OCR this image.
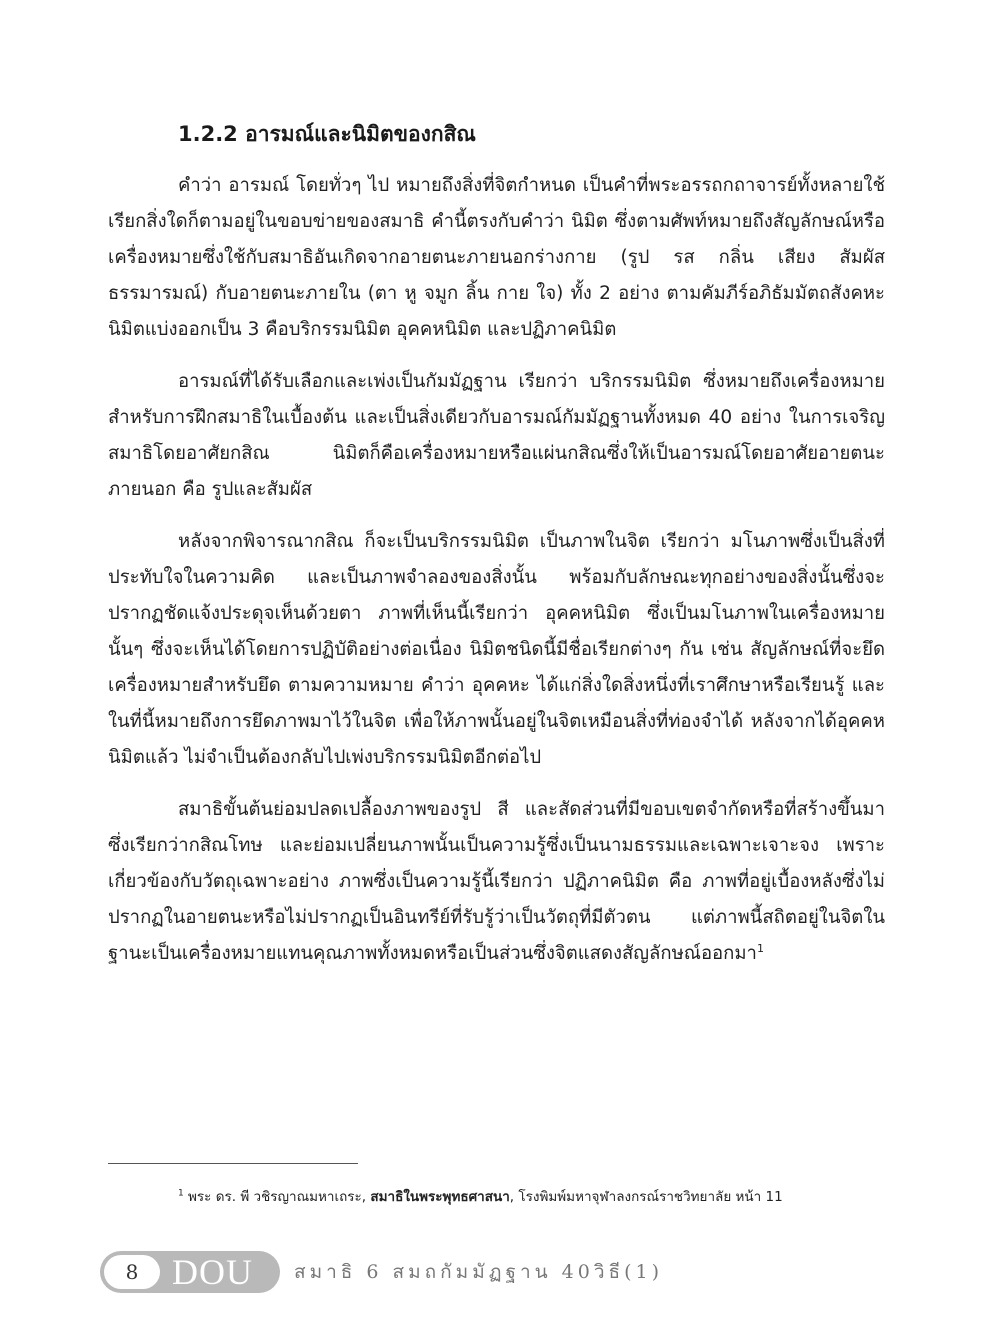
1.2.2 อารมณ์และนิมิตของกสิณ

คำว่า อารมณ์ โดยทั่วๆ ไป หมายถึงสิ่งที่จิตกำหนด เป็นคำที่พระอรรถกถาจารย์ทั้งหลายใช้เรียกสิ่งใดก็ตามอยู่ในขอบข่ายของสมาธิ คำนี้ตรงกับคำว่า นิมิต ซึ่งตามศัพท์หมายถึงสัญลักษณ์หรือเครื่องหมายซึ่งใช้กับสมาธิอันเกิดจากอายตนะภายนอกร่างกาย (รูป รส กลิ่น เสียง สัมผัส ธรรมารมณ์) กับอายตนะภายใน (ตา หู จมูก ลิ้น กาย ใจ) ทั้ง 2 อย่าง ตามคัมภีร์อภิธัมมัตถสังคหะ นิมิตแบ่งออกเป็น 3 คือบริกรรมนิมิต อุคคหนิมิต และปฏิภาคนิมิต

อารมณ์ที่ได้รับเลือกและเพ่งเป็นกัมมัฏฐาน เรียกว่า บริกรรมนิมิต ซึ่งหมายถึงเครื่องหมายสำหรับการฝึกสมาธิในเบื้องต้น และเป็นสิ่งเดียวกับอารมณ์กัมมัฏฐานทั้งหมด 40 อย่าง ในการเจริญสมาธิโดยอาศัยกสิณ นิมิตก็คือเครื่องหมายหรือแผ่นกสิณซึ่งให้เป็นอารมณ์โดยอาศัยอายตนะภายนอก คือ รูปและสัมผัส

หลังจากพิจารณากสิณ ก็จะเป็นบริกรรมนิมิต เป็นภาพในจิต เรียกว่า มโนภาพซึ่งเป็นสิ่งที่ประทับใจในความคิด และเป็นภาพจำลองของสิ่งนั้น พร้อมกับลักษณะทุกอย่างของสิ่งนั้นซึ่งจะปรากฏชัดแจ้งประดุจเห็นด้วยตา ภาพที่เห็นนี้เรียกว่า อุคคหนิมิต ซึ่งเป็นมโนภาพในเครื่องหมายนั้นๆ ซึ่งจะเห็นได้โดยการปฏิบัติอย่างต่อเนื่อง นิมิตชนิดนี้มีชื่อเรียกต่างๆ กัน เช่น สัญลักษณ์ที่จะยึด เครื่องหมายสำหรับยึด ตามความหมาย คำว่า อุคคหะ ได้แก่สิ่งใดสิ่งหนึ่งที่เราศึกษาหรือเรียนรู้ และในที่นี้หมายถึงการยึดภาพมาไว้ในจิต เพื่อให้ภาพนั้นอยู่ในจิตเหมือนสิ่งที่ท่องจำได้ หลังจากได้อุคคหนิมิตแล้ว ไม่จำเป็นต้องกลับไปเพ่งบริกรรมนิมิตอีกต่อไป

สมาธิขั้นต้นย่อมปลดเปลื้องภาพของรูป สี และสัดส่วนที่มีขอบเขตจำกัดหรือที่สร้างขึ้นมา ซึ่งเรียกว่ากสิณโทษ และย่อมเปลี่ยนภาพนั้นเป็นความรู้ซึ่งเป็นนามธรรมและเฉพาะเจาะจง เพราะเกี่ยวข้องกับวัตถุเฉพาะอย่าง ภาพซึ่งเป็นความรู้นี้เรียกว่า ปฏิภาคนิมิต คือ ภาพที่อยู่เบื้องหลังซึ่งไม่ปรากฏในอายตนะหรือไม่ปรากฏเป็นอินทรีย์ที่รับรู้ว่าเป็นวัตถุที่มีตัวตน แต่ภาพนี้สถิตอยู่ในจิตในฐานะเป็นเครื่องหมายแทนคุณภาพทั้งหมดหรือเป็นส่วนซึ่งจิตแสดงสัญลักษณ์ออกมา$^1$

$^1$ พระ ดร. พี วชิรญาณมหาเถระ, สมาธิในพระพุทธศาสนา, โรงพิมพ์มหาจุฬาลงกรณ์ราชวิทยาลัย หน้า 11
8 DOU สมาธิ 6 สมถกัมมัฏฐาน 40วิธี(1)
